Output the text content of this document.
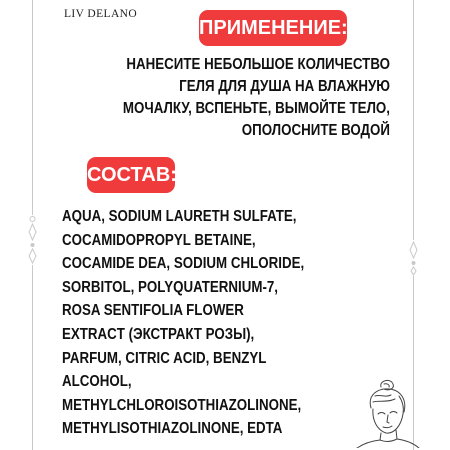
LIV DELANO
ПРИМЕНЕНИЕ:
НАНЕСИТЕ НЕБОЛЬШОЕ КОЛИЧЕСТВО
ГЕЛЯ ДЛЯ ДУША НА ВЛАЖНУЮ
МОЧАЛКУ, ВСПЕНЬТЕ, ВЫМОЙТЕ ТЕЛО,
ОПОЛОСНИТЕ ВОДОЙ
СОСТАВ:
AQUA, SODIUM LAURETH SULFATE,
COCAMIDOPROPYL BETAINE,
COCAMIDE DEA, SODIUM CHLORIDE,
SORBITOL, POLYQUATERNIUM-7,
ROSA SENTIFOLIA FLOWER
EXTRACT (ЭКСТРАКТ РОЗЫ),
PARFUM, CITRIC ACID, BENZYL
ALCOHOL,
METHYLCHLOROISOTHIAZOLINONE,
METHYLISOTHIAZOLINONE, EDTA
